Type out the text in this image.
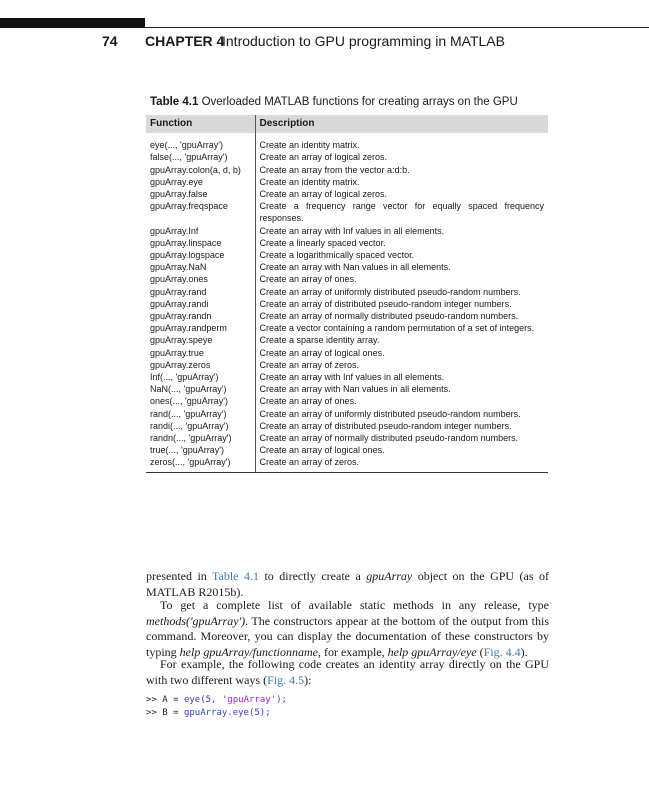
74 CHAPTER 4
Introduction to GPU programming in MATLAB
Table 4.1 Overloaded MATLAB functions for creating arrays on the GPU
Function	Description
eye(..., 'gpuArray')	Create an identity matrix.
false(..., 'gpuArray')	Create an array of logical zeros.
gpuArray.colon(a, d, b)	Create an array from the vector a:d:b.
gpuArray.eye	Create an identity matrix.
gpuArray.false	Create an array of logical zeros.
gpuArray.freqspace	Create a frequency range vector for equally spaced frequency responses.
gpuArray.Inf	Create an array with Inf values in all elements.
gpuArray.linspace	Create a linearly spaced vector.
gpuArray.logspace	Create a logarithmically spaced vector.
gpuArray.NaN	Create an array with Nan values in all elements.
gpuArray.ones	Create an array of ones.
gpuArray.rand	Create an array of uniformly distributed pseudo-random numbers.
gpuArray.randi	Create an array of distributed pseudo-random integer numbers.
gpuArray.randn	Create an array of normally distributed pseudo-random numbers.
gpuArray.randperm	Create a vector containing a random permutation of a set of integers.
gpuArray.speye	Create a sparse identity array.
gpuArray.true	Create an array of logical ones.
gpuArray.zeros	Create an array of zeros.
Inf(..., 'gpuArray')	Create an array with Inf values in all elements.
NaN(..., 'gpuArray')	Create an array with Nan values in all elements.
ones(..., 'gpuArray')	Create an array of ones.
rand(..., 'gpuArray')	Create an array of uniformly distributed pseudo-random numbers.
randi(..., 'gpuArray')	Create an array of distributed pseudo-random integer numbers.
randn(..., 'gpuArray')	Create an array of normally distributed pseudo-random numbers.
true(..., 'gpuArray')	Create an array of logical ones.
zeros(..., 'gpuArray')	Create an array of zeros.

presented in Table 4.1 to directly create a gpuArray object on the GPU (as of MATLAB R2015b).

To get a complete list of available static methods in any release, type methods('gpuArray'). The constructors appear at the bottom of the output from this command. Moreover, you can display the documentation of these constructors by typing help gpuArray/functionname, for example, help gpuArray/eye (Fig. 4.4).

For example, the following code creates an identity array directly on the GPU with two different ways (Fig. 4.5):

>> A = eye(5, 'gpuArray');
>> B = gpuArray.eye(5);
